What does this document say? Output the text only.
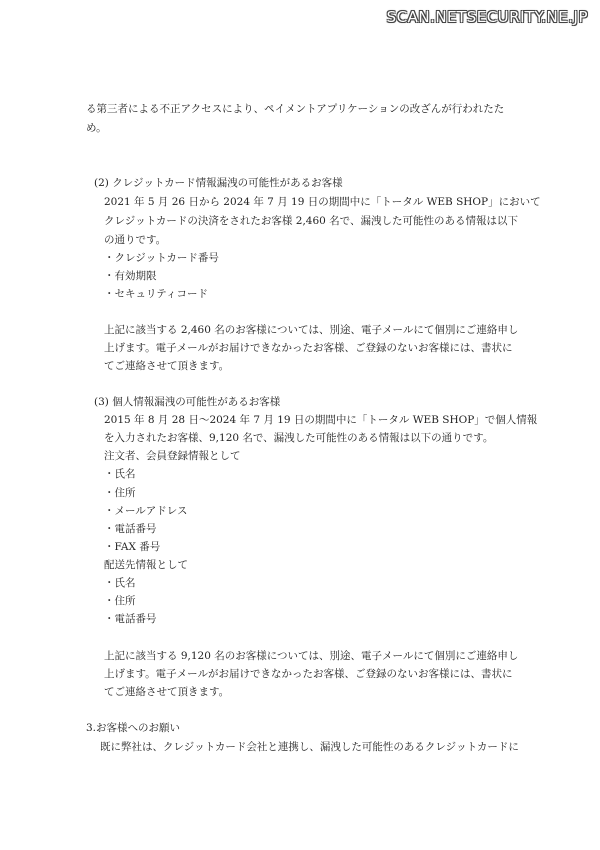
SCAN.NETSECURITY.NE.JP
る第三者による不正アクセスにより、ペイメントアプリケーションの改ざんが行われたた
め。
(2) クレジットカード情報漏洩の可能性があるお客様
2021 年 5 月 26 日から 2024 年 7 月 19 日の期間中に「トータル WEB SHOP」において
クレジットカードの決済をされたお客様 2,460 名で、漏洩した可能性のある情報は以下
の通りです。
・クレジットカード番号
・有効期限
・セキュリティコード
上記に該当する 2,460 名のお客様については、別途、電子メールにて個別にご連絡申し
上げます。電子メールがお届けできなかったお客様、ご登録のないお客様には、書状に
てご連絡させて頂きます。
(3) 個人情報漏洩の可能性があるお客様
2015 年 8 月 28 日～2024 年 7 月 19 日の期間中に「トータル WEB SHOP」で個人情報
を入力されたお客様、9,120 名で、漏洩した可能性のある情報は以下の通りです。
注文者、会員登録情報として
・氏名
・住所
・メールアドレス
・電話番号
・FAX 番号
配送先情報として
・氏名
・住所
・電話番号
上記に該当する 9,120 名のお客様については、別途、電子メールにて個別にご連絡申し
上げます。電子メールがお届けできなかったお客様、ご登録のないお客様には、書状に
てご連絡させて頂きます。
3.お客様へのお願い
既に弊社は、クレジットカード会社と連携し、漏洩した可能性のあるクレジットカードに
